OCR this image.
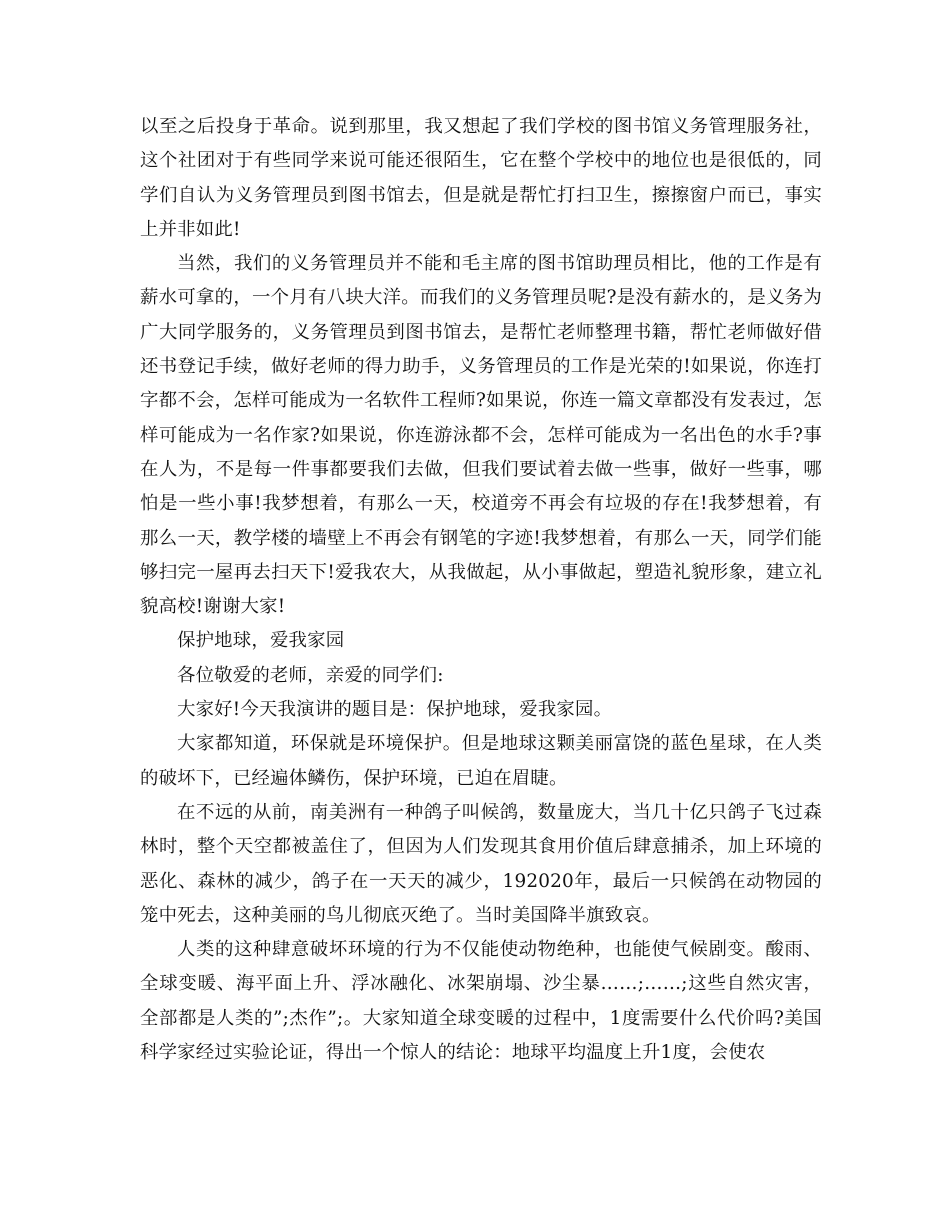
以至之后投身于革命。说到那里，我又想起了我们学校的图书馆义务管理服务社，这个社团对于有些同学来说可能还很陌生，它在整个学校中的地位也是很低的，同学们自认为义务管理员到图书馆去，但是就是帮忙打扫卫生，擦擦窗户而已，事实上并非如此!

当然，我们的义务管理员并不能和毛主席的图书馆助理员相比，他的工作是有薪水可拿的，一个月有八块大洋。而我们的义务管理员呢?是没有薪水的，是义务为广大同学服务的，义务管理员到图书馆去，是帮忙老师整理书籍，帮忙老师做好借还书登记手续，做好老师的得力助手，义务管理员的工作是光荣的!如果说，你连打字都不会，怎样可能成为一名软件工程师?如果说，你连一篇文章都没有发表过，怎样可能成为一名作家?如果说，你连游泳都不会，怎样可能成为一名出色的水手?事在人为，不是每一件事都要我们去做，但我们要试着去做一些事，做好一些事，哪怕是一些小事!我梦想着，有那么一天，校道旁不再会有垃圾的存在!我梦想着，有那么一天，教学楼的墙壁上不再会有钢笔的字迹!我梦想着，有那么一天，同学们能够扫完一屋再去扫天下!爱我农大，从我做起，从小事做起，塑造礼貌形象，建立礼貌高校!谢谢大家!

保护地球，爱我家园

各位敬爱的老师，亲爱的同学们:

大家好!今天我演讲的题目是：保护地球，爱我家园。

大家都知道，环保就是环境保护。但是地球这颗美丽富饶的蓝色星球，在人类的破坏下，已经遍体鳞伤，保护环境，已迫在眉睫。

在不远的从前，南美洲有一种鸽子叫候鸽，数量庞大，当几十亿只鸽子飞过森林时，整个天空都被盖住了，但因为人们发现其食用价值后肆意捕杀，加上环境的恶化、森林的减少，鸽子在一天天的减少，192020年，最后一只候鸽在动物园的笼中死去，这种美丽的鸟儿彻底灭绝了。当时美国降半旗致哀。

人类的这种肆意破坏环境的行为不仅能使动物绝种，也能使气候剧变。酸雨、全球变暖、海平面上升、浮冰融化、冰架崩塌、沙尘暴……;……;这些自然灾害，全部都是人类的”;杰作”;。大家知道全球变暖的过程中，1度需要什么代价吗?美国科学家经过实验论证，得出一个惊人的结论：地球平均温度上升1度，会使农
